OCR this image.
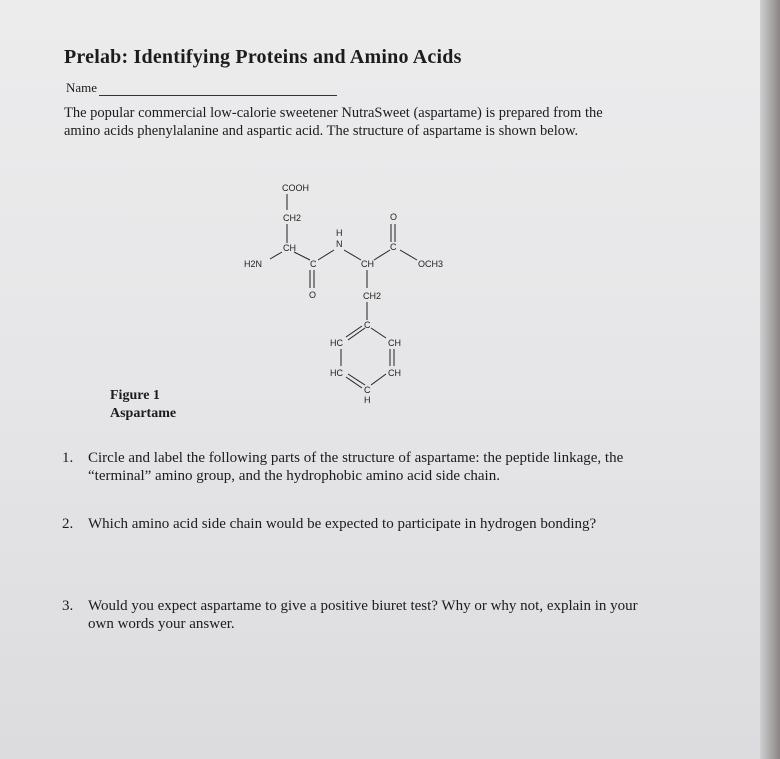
Prelab: Identifying Proteins and Amino Acids
Name
The popular commercial low-calorie sweetener NutraSweet (aspartame) is prepared from the
amino acids phenylalanine and aspartic acid. The structure of aspartame is shown below.
COOH
CH2
CH
H2N	C
O
H
N
CH
C
O
OCH3
CH2
C
HC	CH
HC	CH
C
H
Figure 1
Aspartame
1. Circle and label the following parts of the structure of aspartame: the peptide linkage, the
“terminal” amino group, and the hydrophobic amino acid side chain.
2. Which amino acid side chain would be expected to participate in hydrogen bonding?
3. Would you expect aspartame to give a positive biuret test? Why or why not, explain in your
own words your answer.
